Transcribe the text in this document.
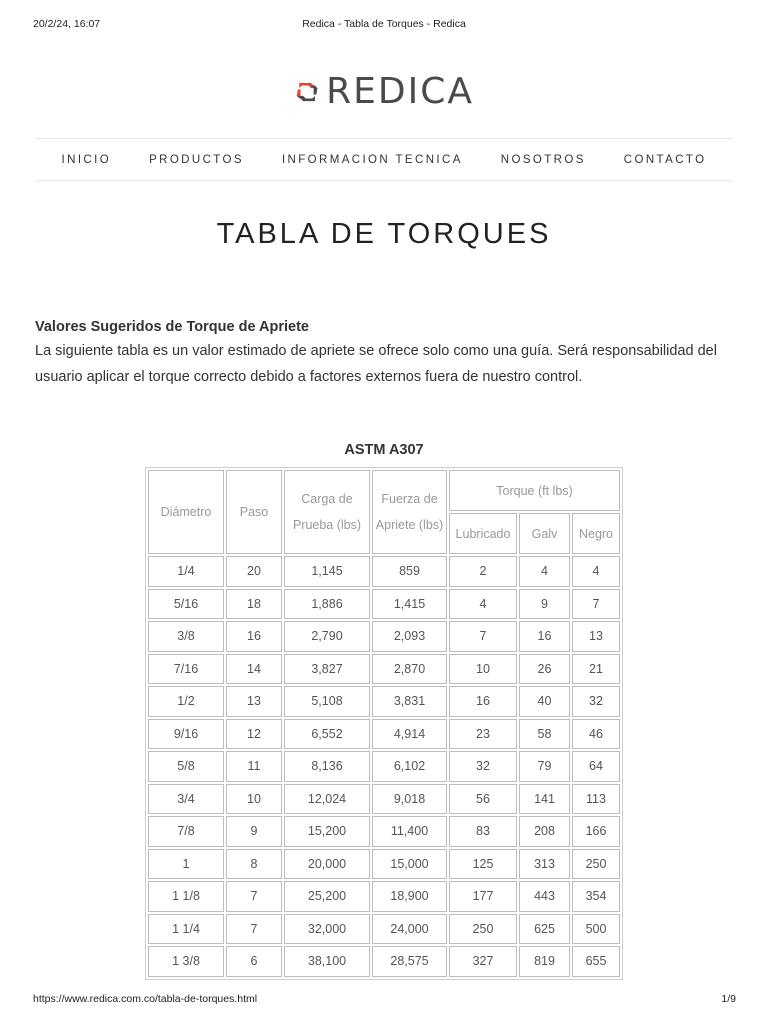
20/2/24, 16:07	Redica - Tabla de Torques - Redica
REDICA
INICIO	PRODUCTOS	INFORMACION TECNICA	NOSOTROS	CONTACTO
TABLA DE TORQUES
Valores Sugeridos de Torque de Apriete

La siguiente tabla es un valor estimado de apriete se ofrece solo como una guía. Será responsabilidad del usuario aplicar el torque correcto debido a factores externos fuera de nuestro control.

ASTM A307
Diámetro	Paso	Carga de Prueba (lbs)	Fuerza de Apriete (lbs)	Torque (ft lbs)		
				Lubricado	Galv	Negro
1/4	20	1,145	859	2	4	4
5/16	18	1,886	1,415	4	9	7
3/8	16	2,790	2,093	7	16	13
7/16	14	3,827	2,870	10	26	21
1/2	13	5,108	3,831	16	40	32
9/16	12	6,552	4,914	23	58	46
5/8	11	8,136	6,102	32	79	64
3/4	10	12,024	9,018	56	141	113
7/8	9	15,200	11,400	83	208	166
1	8	20,000	15,000	125	313	250
1 1/8	7	25,200	18,900	177	443	354
1 1/4	7	32,000	24,000	250	625	500
1 3/8	6	38,100	28,575	327	819	655
https://www.redica.com.co/tabla-de-torques.html	1/9
